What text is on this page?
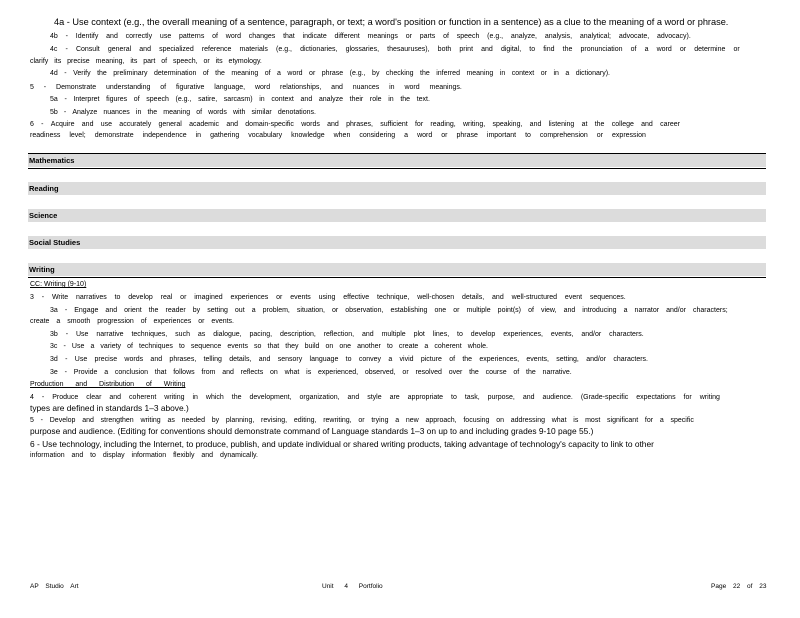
4a - Use context (e.g., the overall meaning of a sentence, paragraph, or text; a word's position or function in a sentence) as a clue to the meaning of a word or phrase.
4b - Identify and correctly use patterns of word changes that indicate different meanings or parts of speech (e.g., analyze, analysis, analytical; advocate, advocacy).
4c - Consult general and specialized reference materials (e.g., dictionaries, glossaries, thesauruses), both print and digital, to find the pronunciation of a word or determine or
clarify its precise meaning, its part of speech, or its etymology.
4d - Verify the preliminary determination of the meaning of a word or phrase (e.g., by checking the inferred meaning in context or in a dictionary).
5 - Demonstrate understanding of figurative language, word relationships, and nuances in word meanings.
5a - Interpret figures of speech (e.g., satire, sarcasm) in context and analyze their role in the text.
5b - Analyze nuances in the meaning of words with similar denotations.
6 - Acquire and use accurately general academic and domain-specific words and phrases, sufficient for reading, writing, speaking, and listening at the college and career
readiness level; demonstrate independence in gathering vocabulary knowledge when considering a word or phrase important to comprehension or expression
Mathematics
Reading
Science
Social Studies
Writing
CC: Writing (9-10)
3 - Write narratives to develop real or imagined experiences or events using effective technique, well-chosen details, and well-structured event sequences.
3a - Engage and orient the reader by setting out a problem, situation, or observation, establishing one or multiple point(s) of view, and introducing a narrator and/or characters;
create a smooth progression of experiences or events.
3b - Use narrative techniques, such as dialogue, pacing, description, reflection, and multiple plot lines, to develop experiences, events, and/or characters.
3c - Use a variety of techniques to sequence events so that they build on one another to create a coherent whole.
3d - Use precise words and phrases, telling details, and sensory language to convey a vivid picture of the experiences, events, setting, and/or characters.
3e - Provide a conclusion that follows from and reflects on what is experienced, observed, or resolved over the course of the narrative.
Production and Distribution of Writing
4 - Produce clear and coherent writing in which the development, organization, and style are appropriate to task, purpose, and audience. (Grade-specific expectations for writing
types are defined in standards 1–3 above.)
5 - Develop and strengthen writing as needed by planning, revising, editing, rewriting, or trying a new approach, focusing on addressing what is most significant for a specific
purpose and audience. (Editing for conventions should demonstrate command of Language standards 1–3 on up to and including grades 9-10 page 55.)
6 - Use technology, including the Internet, to produce, publish, and update individual or shared writing products, taking advantage of technology's capacity to link to other
information and to display information flexibly and dynamically.
AP Studio Art	Unit 4 Portfolio	Page 22 of 23
